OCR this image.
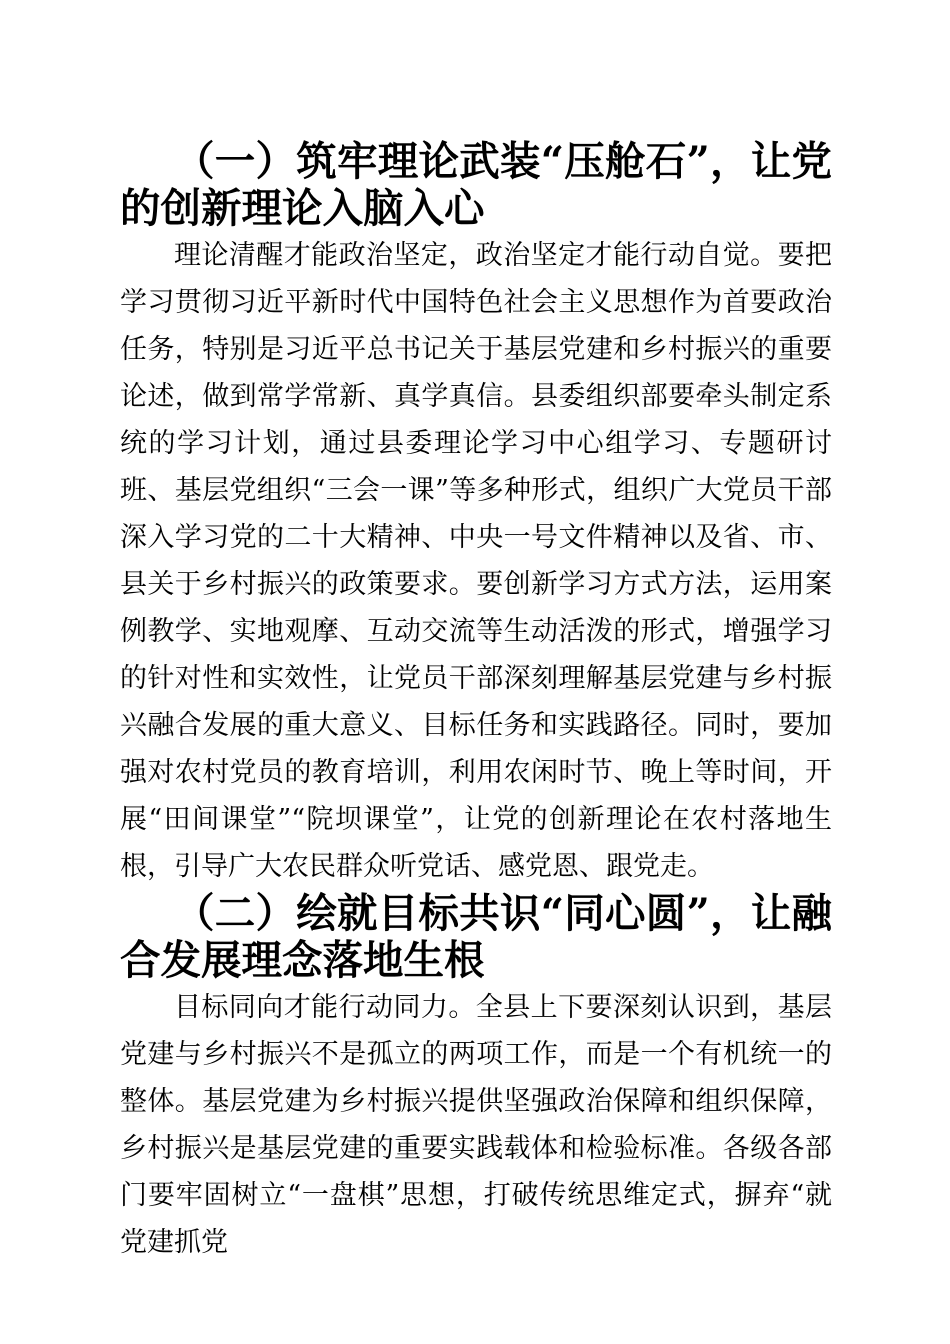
（一）筑牢理论武装“压舱石”，让党的创新理论入脑入心

理论清醒才能政治坚定，政治坚定才能行动自觉。要把学习贯彻习近平新时代中国特色社会主义思想作为首要政治任务，特别是习近平总书记关于基层党建和乡村振兴的重要论述，做到常学常新、真学真信。县委组织部要牵头制定系统的学习计划，通过县委理论学习中心组学习、专题研讨班、基层党组织“三会一课”等多种形式，组织广大党员干部深入学习党的二十大精神、中央一号文件精神以及省、市、县关于乡村振兴的政策要求。要创新学习方式方法，运用案例教学、实地观摩、互动交流等生动活泼的形式，增强学习的针对性和实效性，让党员干部深刻理解基层党建与乡村振兴融合发展的重大意义、目标任务和实践路径。同时，要加强对农村党员的教育培训，利用农闲时节、晚上等时间，开展“田间课堂”“院坝课堂”，让党的创新理论在农村落地生根，引导广大农民群众听党话、感党恩、跟党走。

（二）绘就目标共识“同心圆”，让融合发展理念落地生根

目标同向才能行动同力。全县上下要深刻认识到，基层党建与乡村振兴不是孤立的两项工作，而是一个有机统一的整体。基层党建为乡村振兴提供坚强政治保障和组织保障，乡村振兴是基层党建的重要实践载体和检验标准。各级各部门要牢固树立“一盘棋”思想，打破传统思维定式，摒弃“就党建抓党
